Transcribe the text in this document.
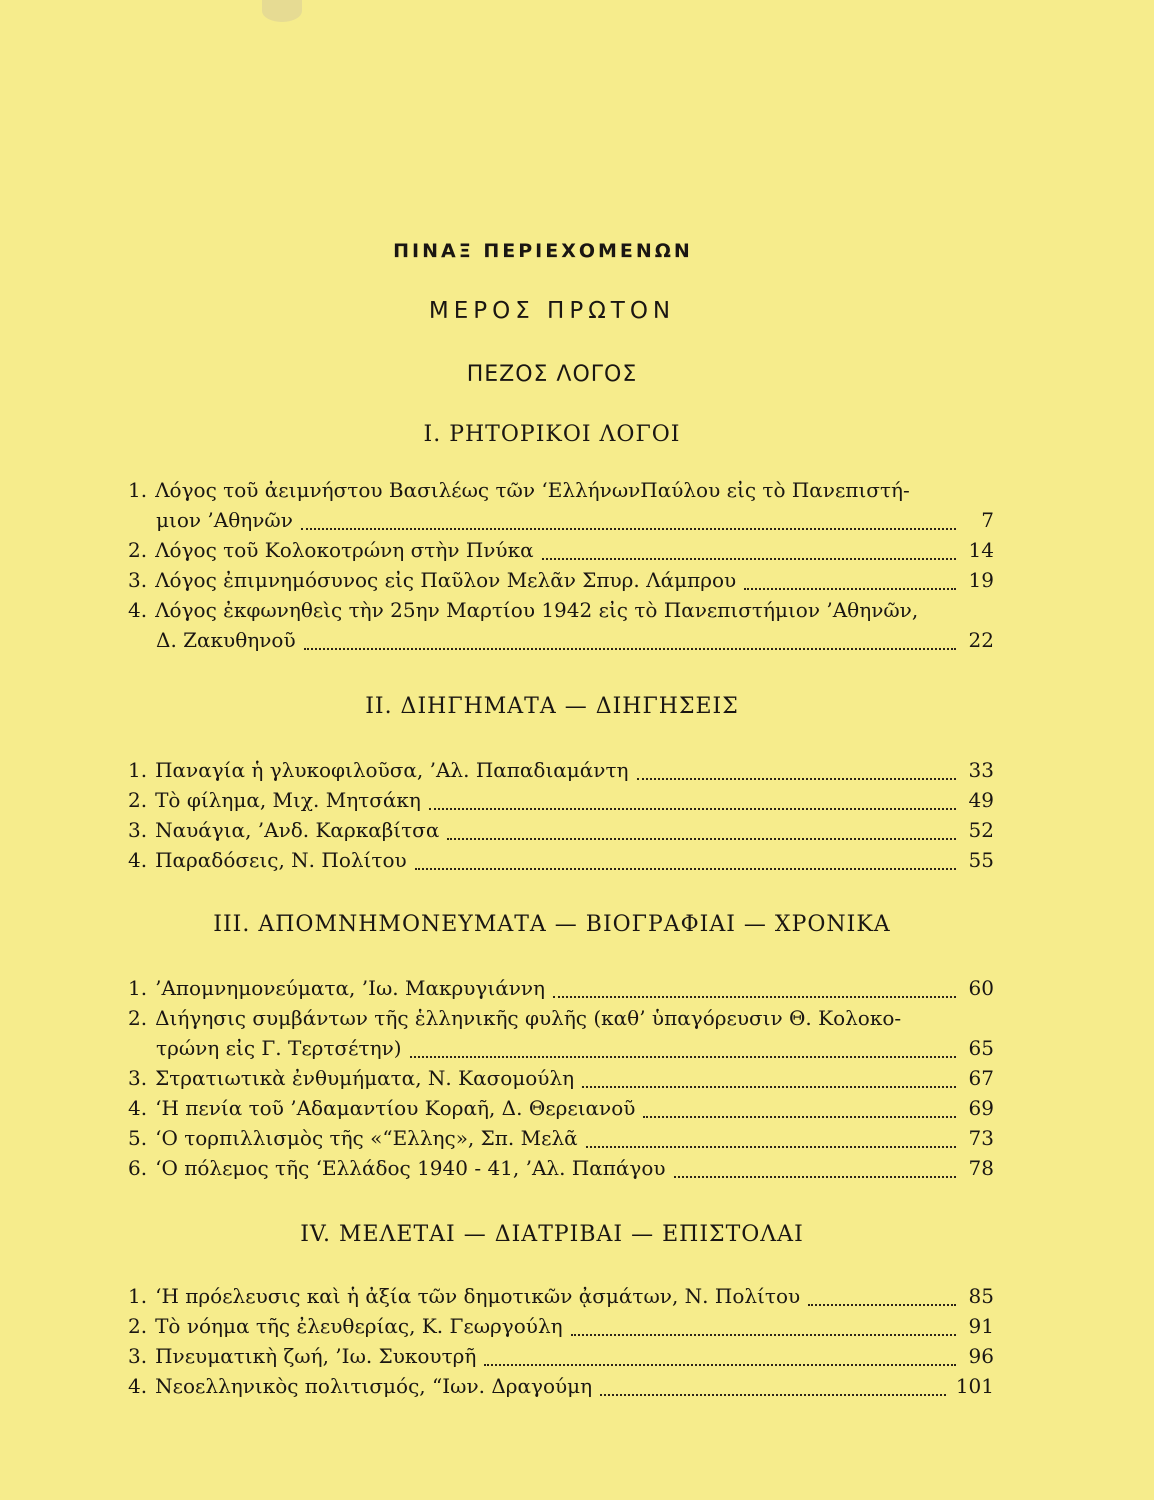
ΠΙΝΑΞ ΠΕΡΙΕΧΟΜΕΝΩΝ
ΜΕΡΟΣ ΠΡΩΤΟΝ
ΠΕΖΟΣ ΛΟΓΟΣ
I. ΡΗΤΟΡΙΚΟΙ ΛΟΓΟΙ
1. Λόγος τοῦ ἀειμνήστου Βασιλέως τῶν ‘ΕλλήνωνΠαύλου εἰς τὸ Πανεπιστή-
μιον ’Αθηνῶν	7
2. Λόγος τοῦ Κολοκοτρώνη στὴν Πνύκα	14
3. Λόγος ἐπιμνημόσυνος εἰς Παῦλον Μελᾶν Σπυρ. Λάμπρου	19
4. Λόγος ἐκφωνηθεὶς τὴν 25ην Μαρτίου 1942 εἰς τὸ Πανεπιστήμιον ’Αθηνῶν,
Δ. Ζακυθηνοῦ	22
II. ΔΙΗΓΗΜΑΤΑ — ΔΙΗΓΗΣΕΙΣ
1. Παναγία ἡ γλυκοφιλοῦσα, ’Αλ. Παπαδιαμάντη	33
2. Τὸ φίλημα, Μιχ. Μητσάκη	49
3. Ναυάγια, ’Ανδ. Καρκαβίτσα	52
4. Παραδόσεις, Ν. Πολίτου	55
III. ΑΠΟΜΝΗΜΟΝΕΥΜΑΤΑ — ΒΙΟΓΡΑΦΙΑΙ — ΧΡΟΝΙΚΑ
1. ’Απομνημονεύματα, ’Ιω. Μακρυγιάννη	60
2. Διήγησις συμβάντων τῆς ἑλληνικῆς φυλῆς (καθ’ ὑπαγόρευσιν Θ. Κολοκο-
τρώνη εἰς Γ. Τερτσέτην)	65
3. Στρατιωτικὰ ἐνθυμήματα, Ν. Κασομούλη	67
4. ‘Η πενία τοῦ ’Αδαμαντίου Κοραῆ, Δ. Θερειανοῦ	69
5. ‘Ο τορπιλλισμὸς τῆς «“Ελλης», Σπ. Μελᾶ	73
6. ‘Ο πόλεμος τῆς ‘Ελλάδος 1940 - 41, ’Αλ. Παπάγου	78
IV. ΜΕΛΕΤΑΙ — ΔΙΑΤΡΙΒΑΙ — ΕΠΙΣΤΟΛΑΙ
1. ‘Η πρόελευσις καὶ ἡ ἀξία τῶν δημοτικῶν ᾀσμάτων, Ν. Πολίτου	85
2. Τὸ νόημα τῆς ἐλευθερίας, Κ. Γεωργούλη	91
3. Πνευματικὴ ζωή, ’Ιω. Συκουτρῆ	96
4. Νεοελληνικὸς πολιτισμός, “Ιων. Δραγούμη	101
